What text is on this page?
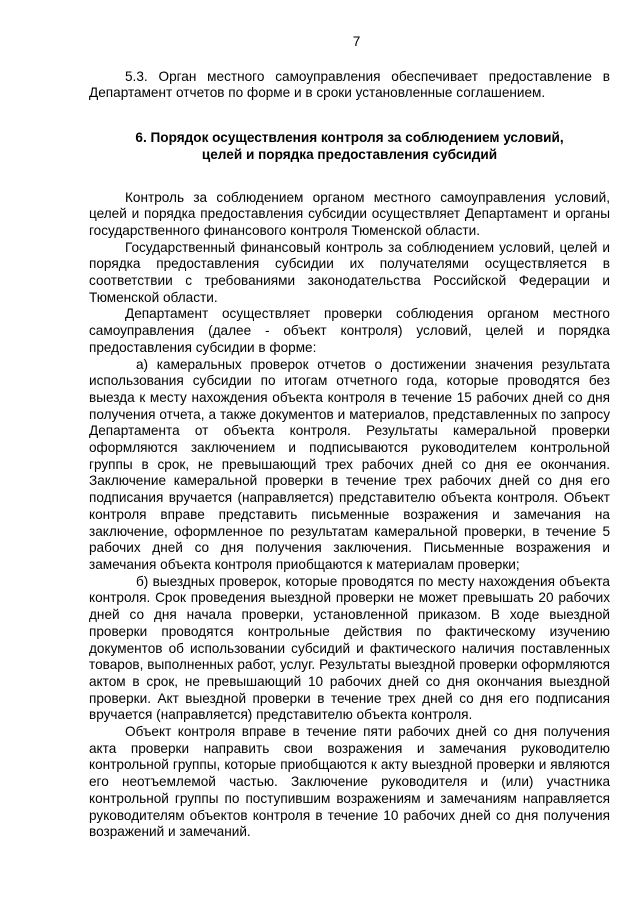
7

5.3. Орган местного самоуправления обеспечивает предоставление в Департамент отчетов по форме и в сроки установленные соглашением.

6. Порядок осуществления контроля за соблюдением условий, целей и порядка предоставления субсидий

Контроль за соблюдением органом местного самоуправления условий, целей и порядка предоставления субсидии осуществляет Департамент и органы государственного финансового контроля Тюменской области.

Государственный финансовый контроль за соблюдением условий, целей и порядка предоставления субсидии их получателями осуществляется в соответствии с требованиями законодательства Российской Федерации и Тюменской области.

Департамент осуществляет проверки соблюдения органом местного самоуправления (далее - объект контроля) условий, целей и порядка предоставления субсидии в форме:

а) камеральных проверок отчетов о достижении значения результата использования субсидии по итогам отчетного года, которые проводятся без выезда к месту нахождения объекта контроля в течение 15 рабочих дней со дня получения отчета, а также документов и материалов, представленных по запросу Департамента от объекта контроля. Результаты камеральной проверки оформляются заключением и подписываются руководителем контрольной группы в срок, не превышающий трех рабочих дней со дня ее окончания. Заключение камеральной проверки в течение трех рабочих дней со дня его подписания вручается (направляется) представителю объекта контроля. Объект контроля вправе представить письменные возражения и замечания на заключение, оформленное по результатам камеральной проверки, в течение 5 рабочих дней со дня получения заключения. Письменные возражения и замечания объекта контроля приобщаются к материалам проверки;

б) выездных проверок, которые проводятся по месту нахождения объекта контроля. Срок проведения выездной проверки не может превышать 20 рабочих дней со дня начала проверки, установленной приказом. В ходе выездной проверки проводятся контрольные действия по фактическому изучению документов об использовании субсидий и фактического наличия поставленных товаров, выполненных работ, услуг. Результаты выездной проверки оформляются актом в срок, не превышающий 10 рабочих дней со дня окончания выездной проверки. Акт выездной проверки в течение трех дней со дня его подписания вручается (направляется) представителю объекта контроля.

Объект контроля вправе в течение пяти рабочих дней со дня получения акта проверки направить свои возражения и замечания руководителю контрольной группы, которые приобщаются к акту выездной проверки и являются его неотъемлемой частью. Заключение руководителя и (или) участника контрольной группы по поступившим возражениям и замечаниям направляется руководителям объектов контроля в течение 10 рабочих дней со дня получения возражений и замечаний.
